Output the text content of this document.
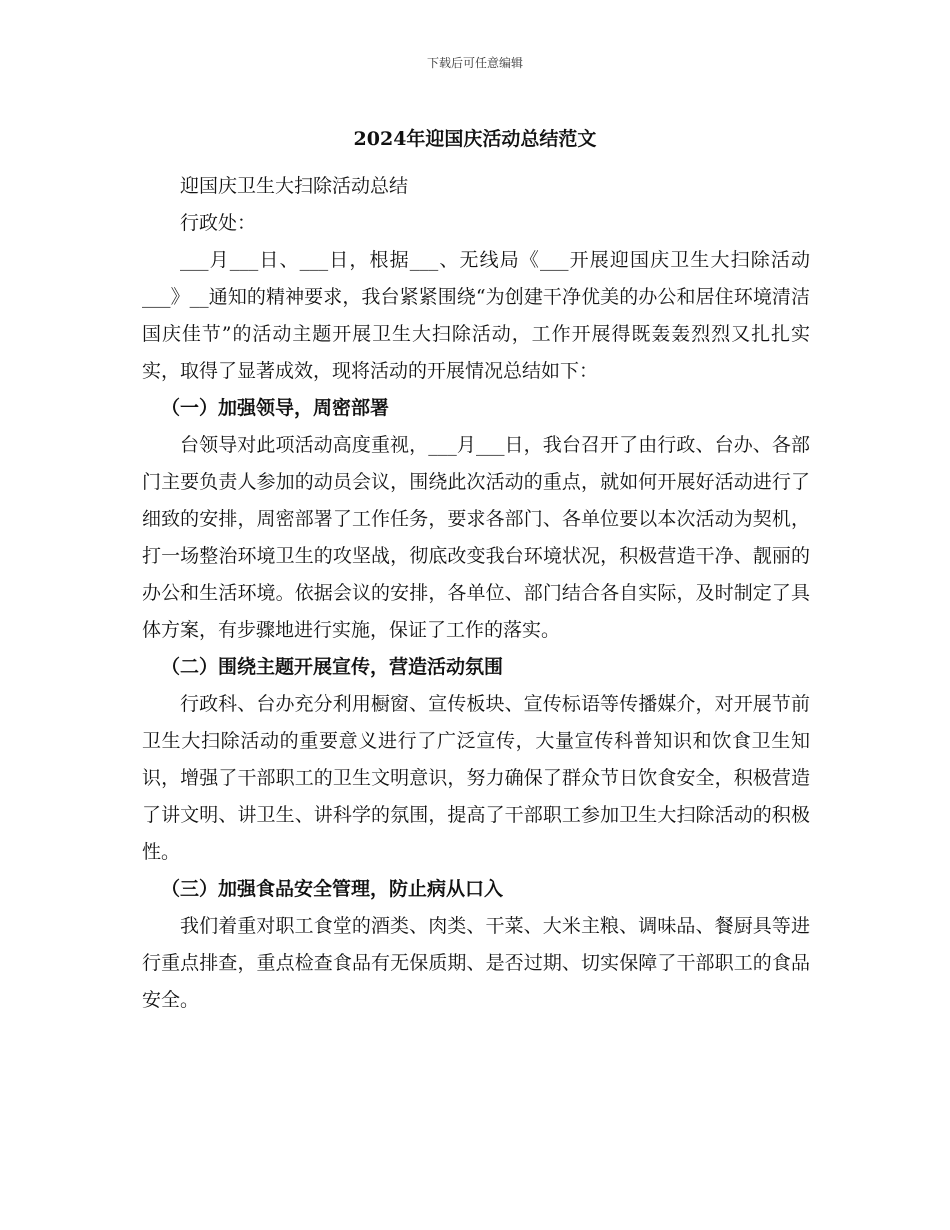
下载后可任意编辑
2024年迎国庆活动总结范文

迎国庆卫生大扫除活动总结

行政处：

___月___日、___日，根据___、无线局《___开展迎国庆卫生大扫除活动___》__通知的精神要求，我台紧紧围绕“为创建干净优美的办公和居住环境清洁国庆佳节”的活动主题开展卫生大扫除活动，工作开展得既轰轰烈烈又扎扎实实，取得了显著成效，现将活动的开展情况总结如下：

（一）加强领导，周密部署

台领导对此项活动高度重视，___月___日，我台召开了由行政、台办、各部门主要负责人参加的动员会议，围绕此次活动的重点，就如何开展好活动进行了细致的安排，周密部署了工作任务，要求各部门、各单位要以本次活动为契机，打一场整治环境卫生的攻坚战，彻底改变我台环境状况，积极营造干净、靓丽的办公和生活环境。依据会议的安排，各单位、部门结合各自实际，及时制定了具体方案，有步骤地进行实施，保证了工作的落实。

（二）围绕主题开展宣传，营造活动氛围

行政科、台办充分利用橱窗、宣传板块、宣传标语等传播媒介，对开展节前卫生大扫除活动的重要意义进行了广泛宣传，大量宣传科普知识和饮食卫生知识，增强了干部职工的卫生文明意识，努力确保了群众节日饮食安全，积极营造了讲文明、讲卫生、讲科学的氛围，提高了干部职工参加卫生大扫除活动的积极性。

（三）加强食品安全管理，防止病从口入

我们着重对职工食堂的酒类、肉类、干菜、大米主粮、调味品、餐厨具等进行重点排查，重点检查食品有无保质期、是否过期、切实保障了干部职工的食品安全。
